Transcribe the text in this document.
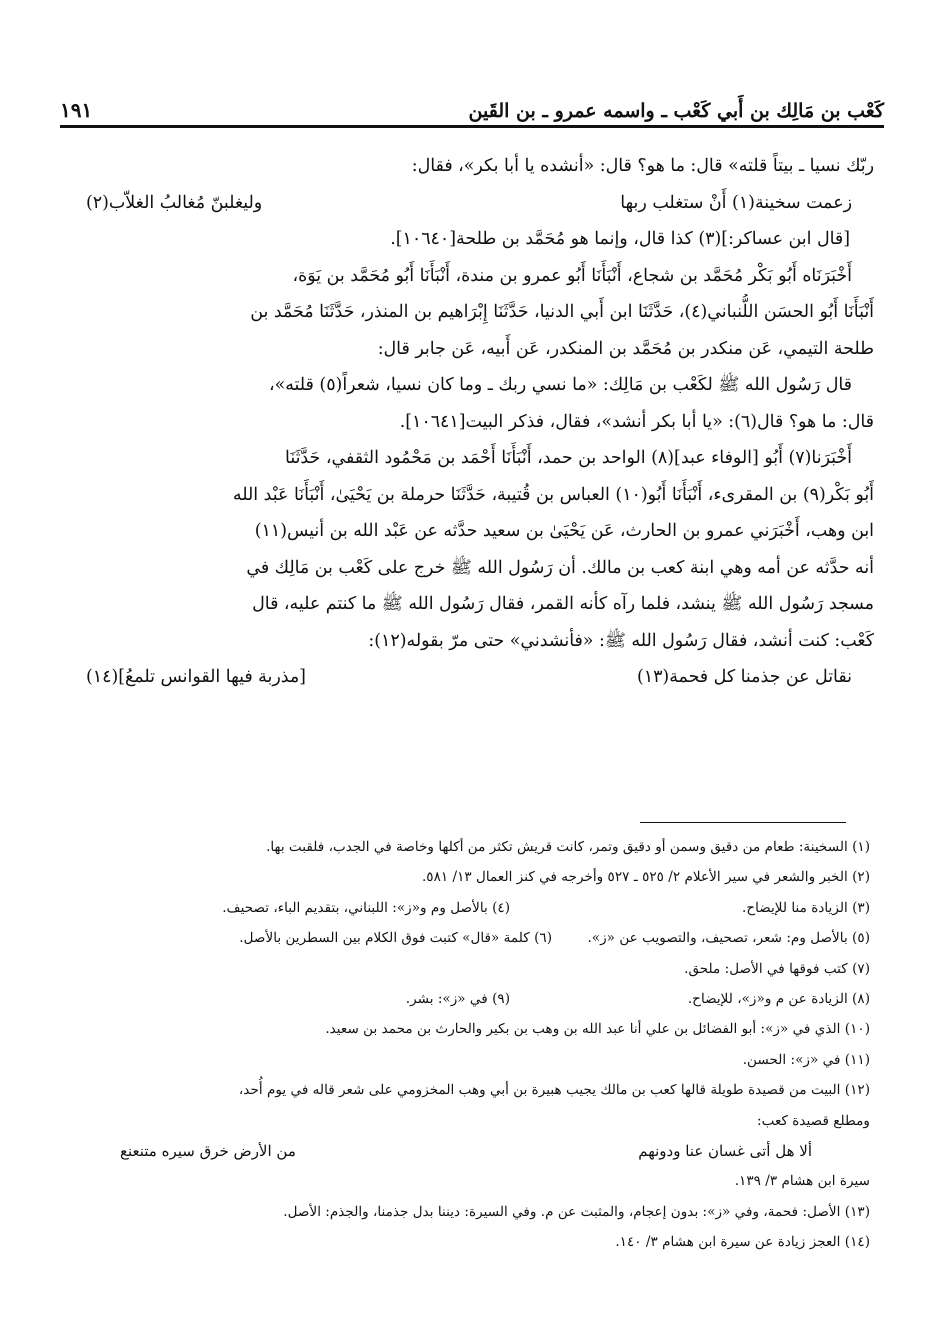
كَعْب بن مَالِك بن أَبي كَعْب ـ واسمه عمرو ـ بن القَين
١٩١

ربّك نسيا ـ بيتاً قلته» قال: ما هو؟ قال: «أنشده يا أبا بكر»، فقال:

زعمت سخينة(١) أَنْ ستغلب ربها
وليغلبنّ مُغالبُ الغلاّب(٢)

[قال ابن عساكر:](٣) كذا قال، وإنما هو مُحَمَّد بن طلحة[١٠٦٤٠].

أَخْبَرَنَاه أَبُو بَكْر مُحَمَّد بن شجاع، أَنْبَأَنَا أَبُو عمرو بن مندة، أَنْبَأَنَا أَبُو مُحَمَّد بن يَوَة،

أَنْبَأَنَا أَبُو الحسَن اللُّنباني(٤)، حَدَّثَنَا ابن أَبي الدنيا، حَدَّثَنَا إِبْرَاهيم بن المنذر، حَدَّثَنَا مُحَمَّد بن

طلحة التيمي، عَن منكدر بن مُحَمَّد بن المنكدر، عَن أَبيه، عَن جابر قال:

قال رَسُول الله ﷺ لكَعْب بن مَالِك: «ما نسي ربك ـ وما كان نسيا، شعراً(٥) قلته»،

قال: ما هو؟ قال(٦): «يا أبا بكر أنشد»، فقال، فذكر البيت[١٠٦٤١].

أَخْبَرَنا(٧) أَبُو [الوفاء عبد](٨) الواحد بن حمد، أَنْبَأَنَا أَحْمَد بن مَحْمُود الثقفي، حَدَّثَنَا

أَبُو بَكْر(٩) بن المقرىء، أَنْبَأَنَا أَبُو(١٠) العباس بن قُتيبة، حَدَّثَنَا حرملة بن يَحْيَىٰ، أَنْبَأَنَا عَبْد الله

ابن وهب، أَخْبَرَني عمرو بن الحارث، عَن يَحْيَىٰ بن سعيد حدَّثه عن عَبْد الله بن أنيس(١١)

أنه حدَّثه عن أمه وهي ابنة كعب بن مالك. أن رَسُول الله ﷺ خرج على كَعْب بن مَالِك في

مسجد رَسُول الله ﷺ ينشد، فلما رآه كأنه القمر، فقال رَسُول الله ﷺ ما كنتم عليه، قال

كَعْب: كنت أنشد، فقال رَسُول الله ﷺ: «فأنشدني» حتى مرّ بقوله(١٢):

نقاتل عن جذمنا كل فحمة(١٣)
[مذربة فيها القوانس تلمعُ](١٤)
(١) السخينة: طعام من دقيق وسمن أو دقيق وتمر، كانت قريش تكثر من أكلها وخاصة في الجدب، فلقبت بها.
(٢) الخبر والشعر في سير الأعلام ٢/ ٥٢٥ ـ ٥٢٧ وأخرجه في كنز العمال ١٣/ ٥٨١.
(٣) الزيادة منا للإيضاح.
(٤) بالأصل وم و«ز»: اللبناني، بتقديم الباء، تصحيف.
(٥) بالأصل وم: شعر، تصحيف، والتصويب عن «ز».
(٦) كلمة «قال» كتبت فوق الكلام بين السطرين بالأصل.
(٧) كتب فوقها في الأصل: ملحق.
(٨) الزيادة عن م و«ز»، للإيضاح.
(٩) في «ز»: بشر.
(١٠) الذي في «ز»: أبو الفضائل بن علي أنا عبد الله بن وهب بن بكير والحارث بن محمد بن سعيد.
(١١) في «ز»: الحسن.
(١٢) البيت من قصيدة طويلة قالها كعب بن مالك يجيب هبيرة بن أبي وهب المخزومي على شعر قاله في يوم أُحد،
ومطلع قصيدة كعب:
ألا هل أتى غسان عنا ودونهم
من الأرض خرق سيره متنعنع
سيرة ابن هشام ٣/ ١٣٩.
(١٣) الأصل: فحمة، وفي «ز»: بدون إعجام، والمثبت عن م. وفي السيرة: ديننا بدل جذمنا، والجذم: الأصل.
(١٤) العجز زيادة عن سيرة ابن هشام ٣/ ١٤٠.
